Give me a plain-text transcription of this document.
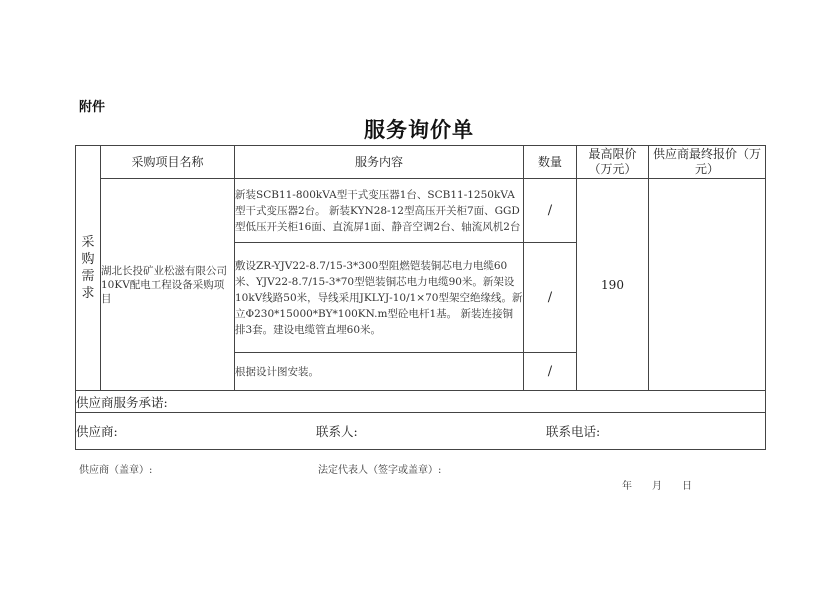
附件
服务询价单
采
购
需
求	采购项目名称	服务内容	数量	最高限价（万元）	供应商最终报价（万元）
	湖北长投矿业松滋有限公司10KV配电工程设备采购项目	新装SCB11-800kVA型干式变压器1台、SCB11-1250kVA型干式变压器2台。 新装KYN28-12型高压开关柜7面、GGD型低压开关柜16面、直流屏1面、静音空调2台、轴流风机2台	/	190	
		敷设ZR-YJV22-8.7/15-3*300型阻燃铠装铜芯电力电缆60米、YJV22-8.7/15-3*70型铠装铜芯电力电缆90米。新架设10kV线路50米，导线采用JKLYJ-10/1×70型架空绝缘线。新立Φ230*15000*BY*100KN.m型砼电杆1基。 新装连接铜排3套。建设电缆管直埋60米。	/		
		根据设计图安装。	/		
供应商服务承诺:					
供应商: 联系人: 联系电话:					
供应商（盖章）:	法定代表人（签字或盖章）:
年　　月　　日
